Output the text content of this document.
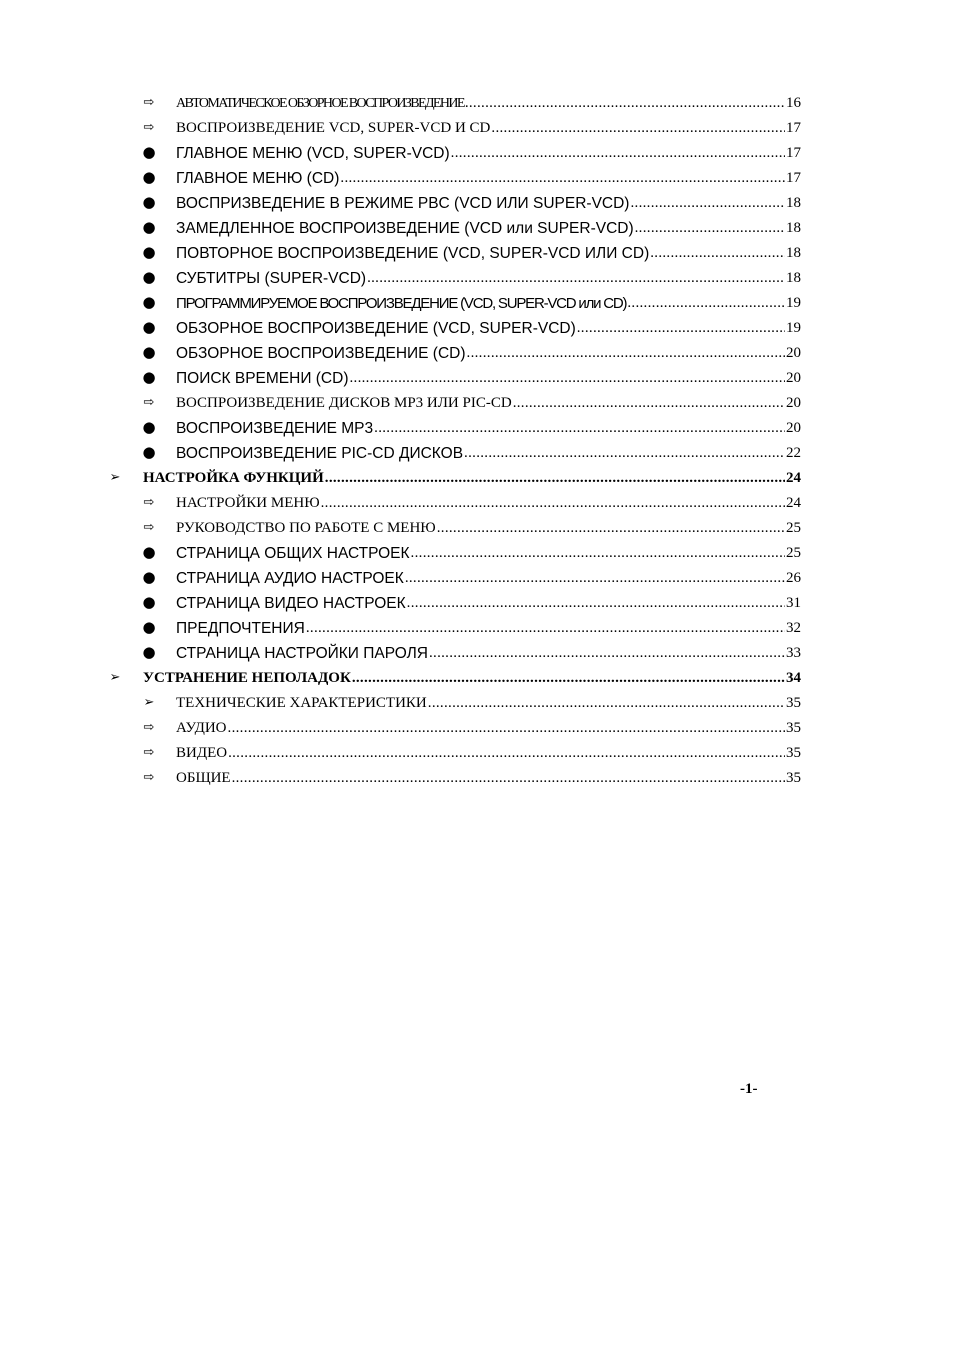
⇨ АВТОМАТИЧЕСКОЕ ОБЗОРНОЕ ВОСПРОИЗВЕДЕНИЕ .....	16
⇨ ВОСПРОИЗВЕДЕНИЕ VCD, SUPER-VCD И CD .....	17
● ГЛАВНОЕ МЕНЮ (VCD, SUPER-VCD) .....	17
● ГЛАВНОЕ МЕНЮ (CD) .....	17
● ВОСПРИЗВЕДЕНИЕ В РЕЖИМЕ PBC (VCD ИЛИ SUPER-VCD) .....	18
● ЗАМЕДЛЕННОЕ ВОСПРОИЗВЕДЕНИЕ (VCD или SUPER-VCD) .....	18
● ПОВТОРНОЕ ВОСПРОИЗВЕДЕНИЕ (VCD, SUPER-VCD ИЛИ CD) .....	18
● СУБТИТРЫ (SUPER-VCD) .....	18
● ПРОГРАММИРУЕМОЕ ВОСПРОИЗВЕДЕНИЕ (VCD, SUPER-VCD или CD) .....	19
● ОБЗОРНОЕ ВОСПРОИЗВЕДЕНИЕ (VCD, SUPER-VCD) .....	19
● ОБЗОРНОЕ ВОСПРОИЗВЕДЕНИЕ (CD) .....	20
● ПОИСК ВРЕМЕНИ (CD) .....	20
⇨ ВОСПРОИЗВЕДЕНИЕ ДИСКОВ MP3 ИЛИ PIC-CD .....	20
● ВОСПРОИЗВЕДЕНИЕ MP3 .....	20
● ВОСПРОИЗВЕДЕНИЕ PIC-CD ДИСКОВ .....	22
➢ НАСТРОЙКА ФУНКЦИЙ .....	24
⇨ НАСТРОЙКИ МЕНЮ .....	24
⇨ РУКОВОДСТВО ПО РАБОТЕ С МЕНЮ .....	25
● СТРАНИЦА ОБЩИХ НАСТРОЕК .....	25
● СТРАНИЦА АУДИО НАСТРОЕК .....	26
● СТРАНИЦА ВИДЕО НАСТРОЕК .....	31
● ПРЕДПОЧТЕНИЯ .....	32
● СТРАНИЦА НАСТРОЙКИ ПАРОЛЯ .....	33
➢ УСТРАНЕНИЕ НЕПОЛАДОК .....	34
➢ ТЕХНИЧЕСКИЕ ХАРАКТЕРИСТИКИ .....	35
⇨ АУДИО .....	35
⇨ ВИДЕО .....	35
⇨ ОБЩИЕ .....	35
-1-
